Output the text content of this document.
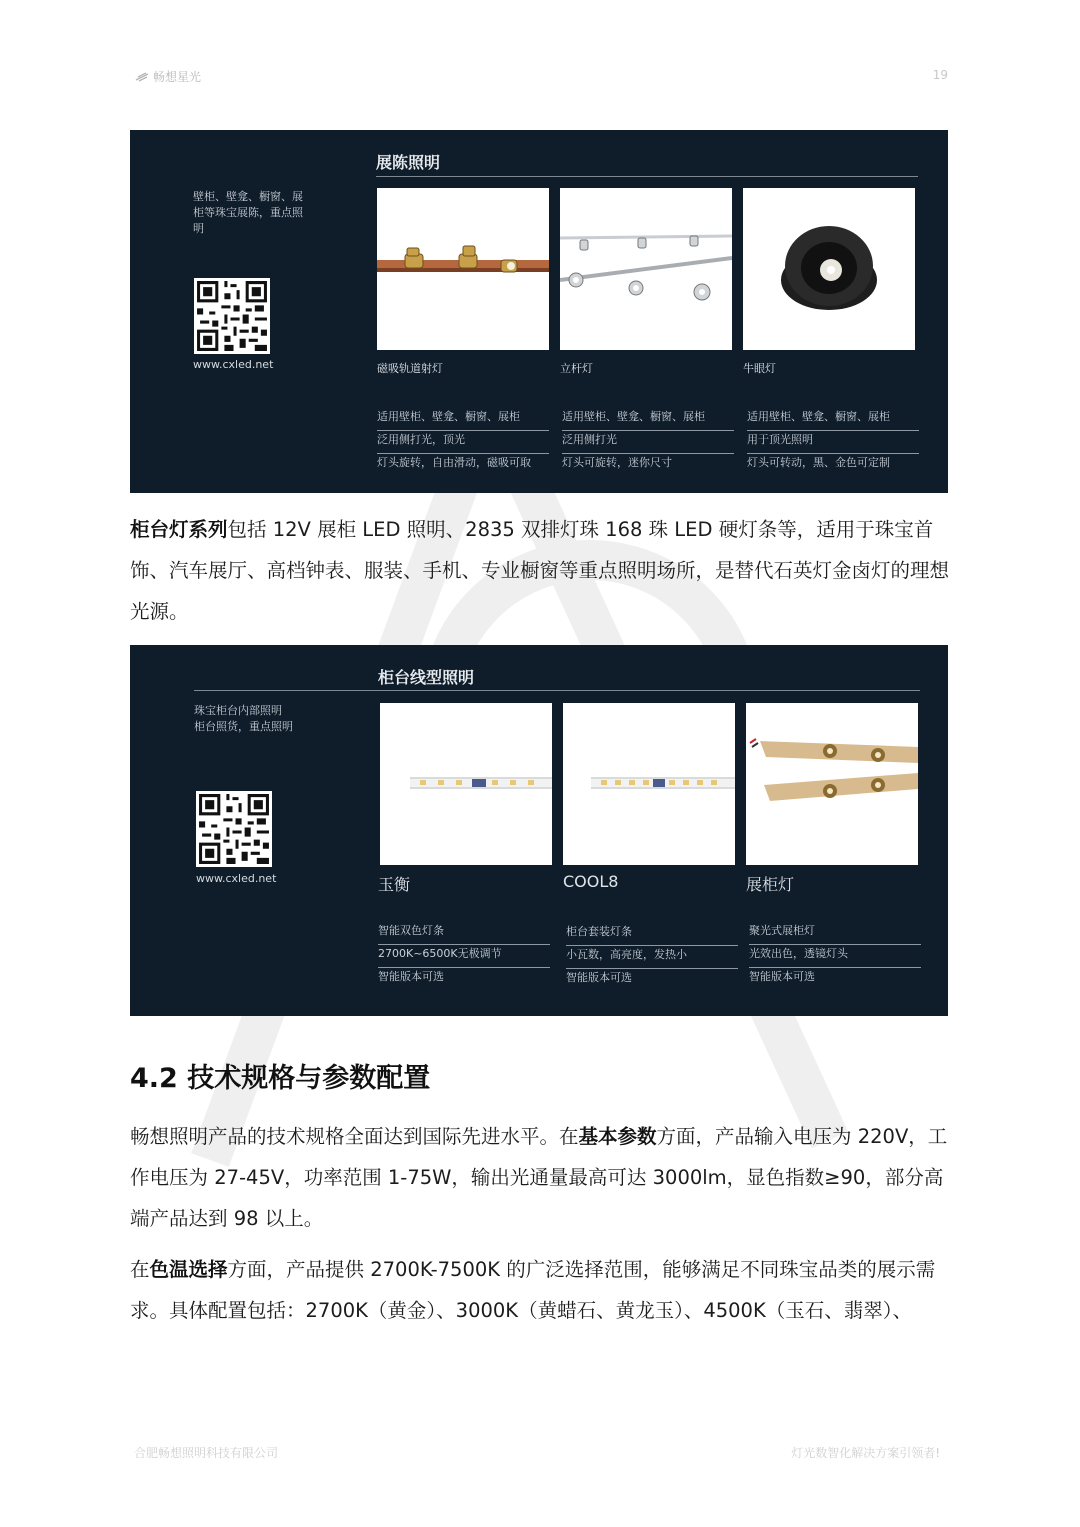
畅想星光	19
展陈照明
壁柜、壁龛、橱窗、展柜等珠宝展陈，重点照明
www.cxled.net	磁吸轨道射灯	立杆灯	牛眼灯
适用壁柜、壁龛、橱窗、展柜
泛用侧打光，顶光
灯头旋转，自由滑动，磁吸可取
适用壁柜、壁龛、橱窗、展柜
泛用侧打光
灯头可旋转，迷你尺寸
适用壁柜、壁龛、橱窗、展柜
用于顶光照明
灯头可转动，黑、金色可定制
柜台灯系列包括 12V 展柜 LED 照明、2835 双排灯珠 168 珠 LED 硬灯条等，适用于珠宝首饰、汽车展厅、高档钟表、服装、手机、专业橱窗等重点照明场所，是替代石英灯金卤灯的理想光源。
柜台线型照明
珠宝柜台内部照明
柜台照货，重点照明
www.cxled.net	玉衡	COOL8	展柜灯
智能双色灯条
2700K~6500K无极调节
智能版本可选
柜台套装灯条
小瓦数，高亮度，发热小
智能版本可选
聚光式展柜灯
光效出色，透镜灯头
智能版本可选
4.2 技术规格与参数配置
畅想照明产品的技术规格全面达到国际先进水平。在基本参数方面，产品输入电压为 220V，工作电压为 27-45V，功率范围 1-75W，输出光通量最高可达 3000lm，显色指数≥90，部分高端产品达到 98 以上。
在色温选择方面，产品提供 2700K-7500K 的广泛选择范围，能够满足不同珠宝品类的展示需求。具体配置包括：2700K（黄金）、3000K（黄蜡石、黄龙玉）、4500K（玉石、翡翠）、
合肥畅想照明科技有限公司	灯光数智化解决方案引领者!
